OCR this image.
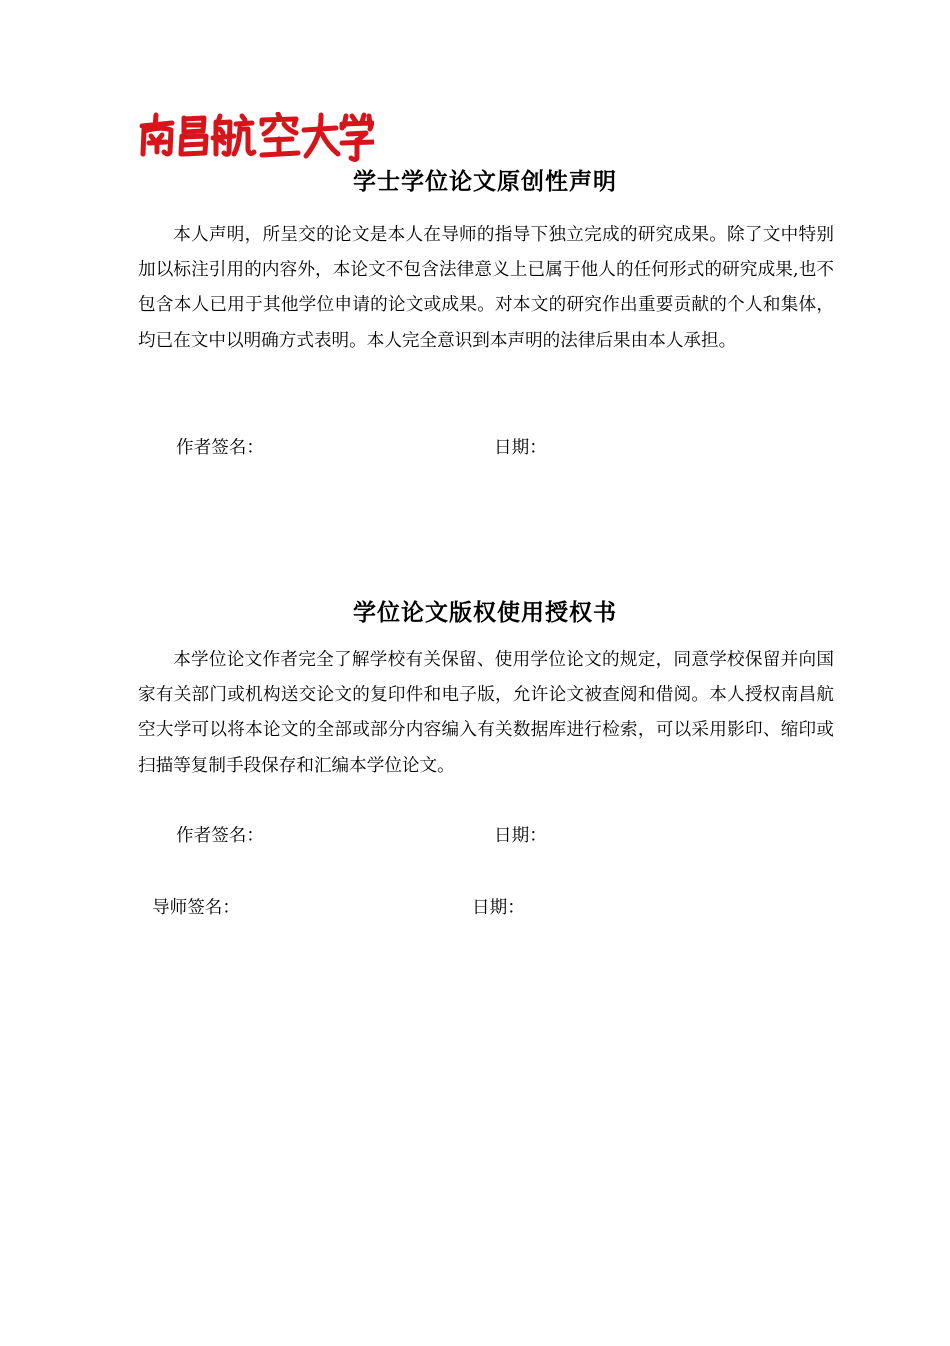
学士学位论文原创性声明
本人声明，所呈交的论文是本人在导师的指导下独立完成的研究成果。除了文中特别加以标注引用的内容外，本论文不包含法律意义上已属于他人的任何形式的研究成果,也不包含本人已用于其他学位申请的论文或成果。对本文的研究作出重要贡献的个人和集体，均已在文中以明确方式表明。本人完全意识到本声明的法律后果由本人承担。
作者签名：	日期：
学位论文版权使用授权书
本学位论文作者完全了解学校有关保留、使用学位论文的规定，同意学校保留并向国家有关部门或机构送交论文的复印件和电子版，允许论文被查阅和借阅。本人授权南昌航空大学可以将本论文的全部或部分内容编入有关数据库进行检索，可以采用影印、缩印或扫描等复制手段保存和汇编本学位论文。
作者签名：	日期：
导师签名：	日期：
